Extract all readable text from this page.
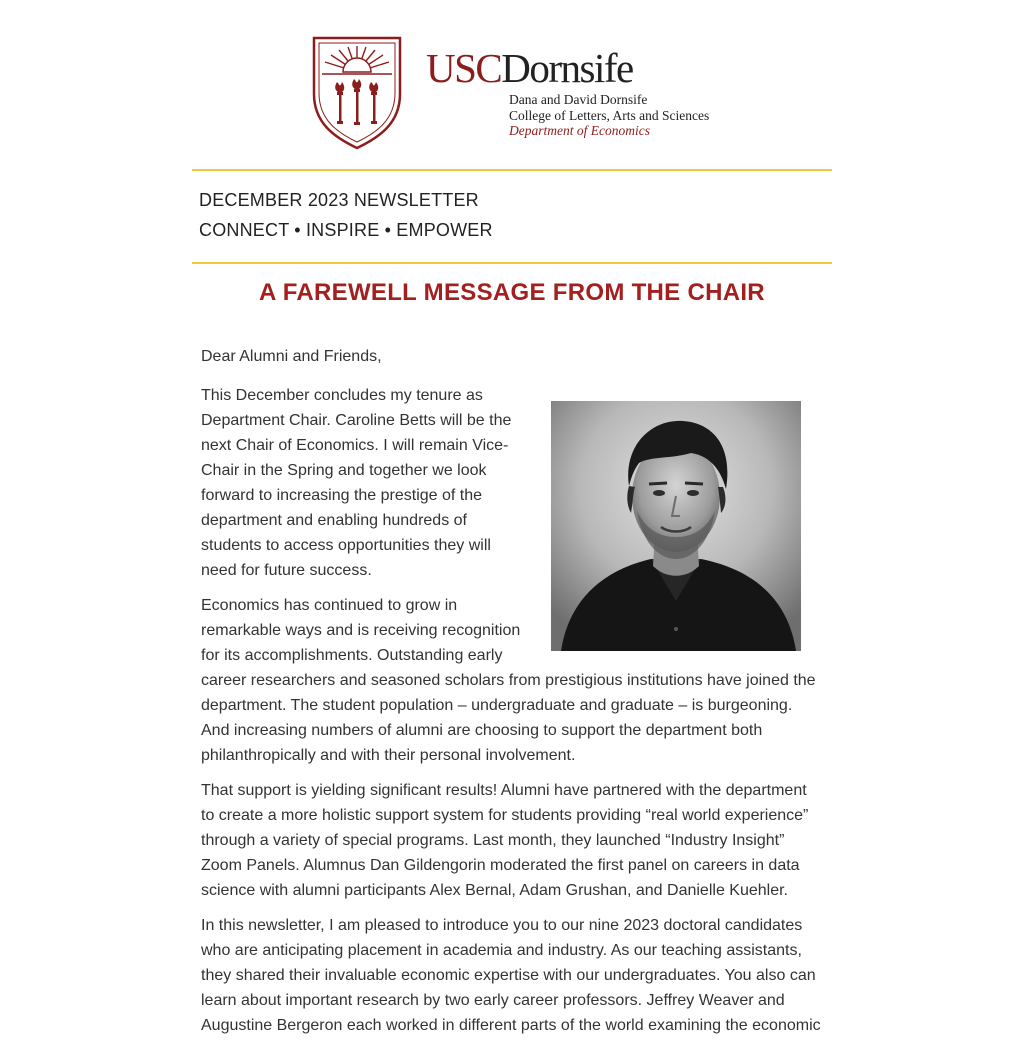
USCDornsife
Dana and David Dornsife
College of Letters, Arts and Sciences
Department of Economics
DECEMBER 2023 NEWSLETTER
CONNECT • INSPIRE • EMPOWER
A FAREWELL MESSAGE FROM THE CHAIR

Dear Alumni and Friends,

This December concludes my tenure as Department Chair. Caroline Betts will be the next Chair of Economics. I will remain Vice-Chair in the Spring and together we look forward to increasing the prestige of the department and enabling hundreds of students to access opportunities they will need for future success.

Economics has continued to grow in remarkable ways and is receiving recognition for its accomplishments. Outstanding early career researchers and seasoned scholars from prestigious institutions have joined the department. The student population – undergraduate and graduate – is burgeoning. And increasing numbers of alumni are choosing to support the department both philanthropically and with their personal involvement.

That support is yielding significant results! Alumni have partnered with the department to create a more holistic support system for students providing “real world experience” through a variety of special programs. Last month, they launched “Industry Insight” Zoom Panels. Alumnus Dan Gildengorin moderated the first panel on careers in data science with alumni participants Alex Bernal, Adam Grushan, and Danielle Kuehler.

In this newsletter, I am pleased to introduce you to our nine 2023 doctoral candidates who are anticipating placement in academia and industry. As our teaching assistants, they shared their invaluable economic expertise with our undergraduates. You also can learn about important research by two early career professors. Jeffrey Weaver and Augustine Bergeron each worked in different parts of the world examining the economic
